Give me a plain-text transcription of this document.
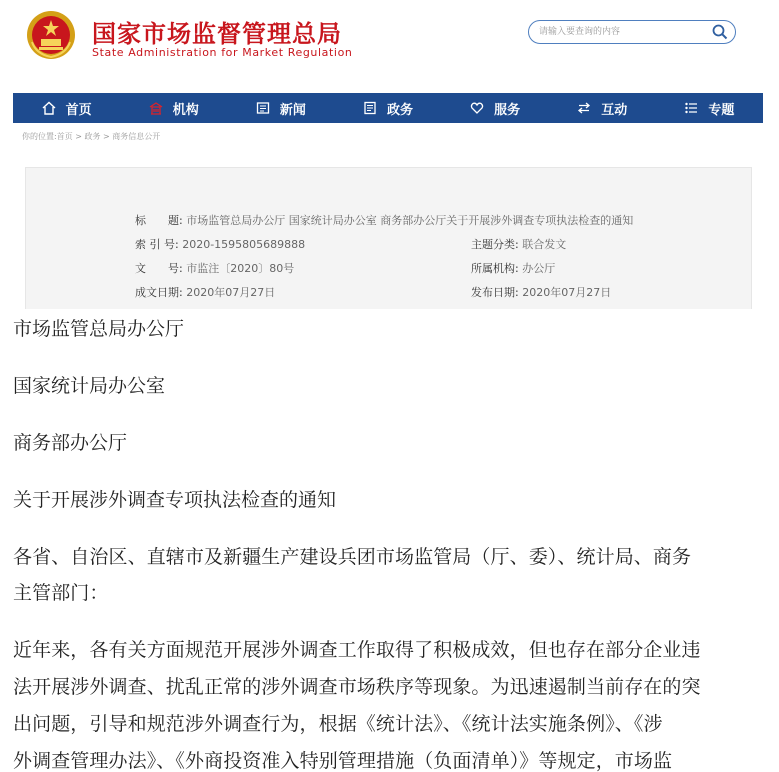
国家市场监督管理总局
State Administration for Market Regulation
请输入要查询的内容
首页	机构	新闻	政务	服务	互动	专题
你的位置:首页 > 政务 > 商务信息公开
标　　题: 市场监管总局办公厅 国家统计局办公室 商务部办公厅关于开展涉外调查专项执法检查的通知
索 引 号: 2020-1595805689888	主题分类: 联合发文
文　　号: 市监注〔2020〕80号	所属机构: 办公厅
成文日期: 2020年07月27日	发布日期: 2020年07月27日
市场监管总局办公厅
国家统计局办公室
商务部办公厅
关于开展涉外调查专项执法检查的通知
各省、自治区、直辖市及新疆生产建设兵团市场监管局（厅、委）、统计局、商务
主管部门：
近年来，各有关方面规范开展涉外调查工作取得了积极成效，但也存在部分企业违
法开展涉外调查、扰乱正常的涉外调查市场秩序等现象。为迅速遏制当前存在的突
出问题，引导和规范涉外调查行为，根据《统计法》、《统计法实施条例》、《涉
外调查管理办法》、《外商投资准入特别管理措施（负面清单）》等规定，市场监
